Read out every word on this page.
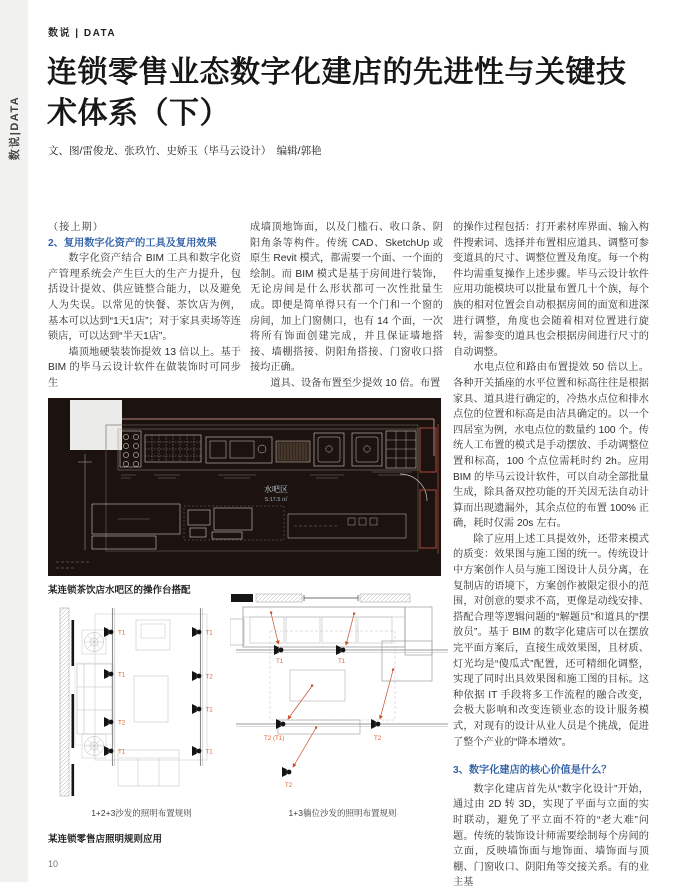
数说|DATA
数说 | DATA
连锁零售业态数字化建店的先进性与关键技术体系（下）
文、图/雷俊龙、张玖竹、史娇玉（毕马云设计）　编辑/郭艳

（接上期）

2、复用数字化资产的工具及复用效果

数字化资产结合 BIM 工具和数字化资产管理系统会产生巨大的生产力提升，包括设计提效、供应链整合能力，以及避免人为失误。以常见的快餐、茶饮店为例，基本可以达到“1天1店”；对于家具卖场等连锁店，可以达到“半天1店”。

墙顶地硬装装饰提效 13 倍以上。基于 BIM 的毕马云设计软件在做装饰时可同步生

成墙顶地饰面，以及门槛石、收口条、阴阳角条等构件。传统 CAD、SketchUp 或原生 Revit 模式，都需要一个面、一个面的绘制。而 BIM 模式是基于房间进行装饰，无论房间是什么形状都可一次性批量生成。即便是简单得只有一个门和一个窗的房间，加上门窗侧口，也有 14 个面，一次将所有饰面创建完成，并且保证墙地搭接、墙棚搭接、阴阳角搭接、门窗收口搭接均正确。

道具、设备布置至少提效 10 倍。布置

的操作过程包括：打开素材库界面、输入构件搜索词、选择并布置相应道具、调整可参变道具的尺寸、调整位置及角度。每一个构件均需重复操作上述步骤。毕马云设计软件应用功能模块可以批量布置几十个族，每个族的相对位置会自动根据房间的面宽和进深进行调整，角度也会随着相对位置进行旋转，需参变的道具也会根据房间进行尺寸的自动调整。

水电点位和路由布置提效 50 倍以上。各种开关插座的水平位置和标高往往是根据家具、道具进行确定的，冷热水点位和排水点位的位置和标高是由洁具确定的。以一个四居室为例，水电点位的数量约 100 个。传统人工布置的模式是手动摆放、手动调整位置和标高，100 个点位需耗时约 2h。应用 BIM 的毕马云设计软件，可以自动全部批量生成，除具备双控功能的开关因无法自动计算而出现遗漏外，其余点位的布置 100% 正确，耗时仅需 20s 左右。

除了应用上述工具提效外，还带来模式的质变：效果图与施工图的统一。传统设计中方案创作人员与施工图设计人员分离，在复制店的语境下，方案创作被限定很小的范围，对创意的要求不高，更像是动线安排、搭配合理等逻辑问题的“解题员”和道具的“摆放员”。基于 BIM 的数字化建店可以在摆放完平面方案后，直接生成效果图，且材质、灯光均是“傻瓜式”配置，还可精细化调整，实现了同时出具效果图和施工图的目标。这种依据 IT 手段将多工作流程的融合改变，会极大影响和改变连锁业态的设计服务模式，对现有的设计从业人员是个挑战，促进了整个产业的“降本增效”。

3、数字化建店的核心价值是什么？

数字化建店首先从“数字化设计”开始，通过由 2D 转 3D，实现了平面与立面的实时联动，避免了平立面不符的“老大难”问题。传统的装饰设计师需要绘制每个房间的立面，反映墙饰面与地饰面、墙饰面与顶棚、门窗收口、阴阳角等交接关系。有的业主基

水吧区
S:17.5 ㎡
某连锁茶饮店水吧区的操作台搭配
T1
T1
T2
T1
T1
T2
T1
T1
T1	T1
T2 (T1)	T2
T2
1+2+3沙发的照明布置规则	1+3躺位沙发的照明布置规则
某连锁零售店照明规则应用
10
